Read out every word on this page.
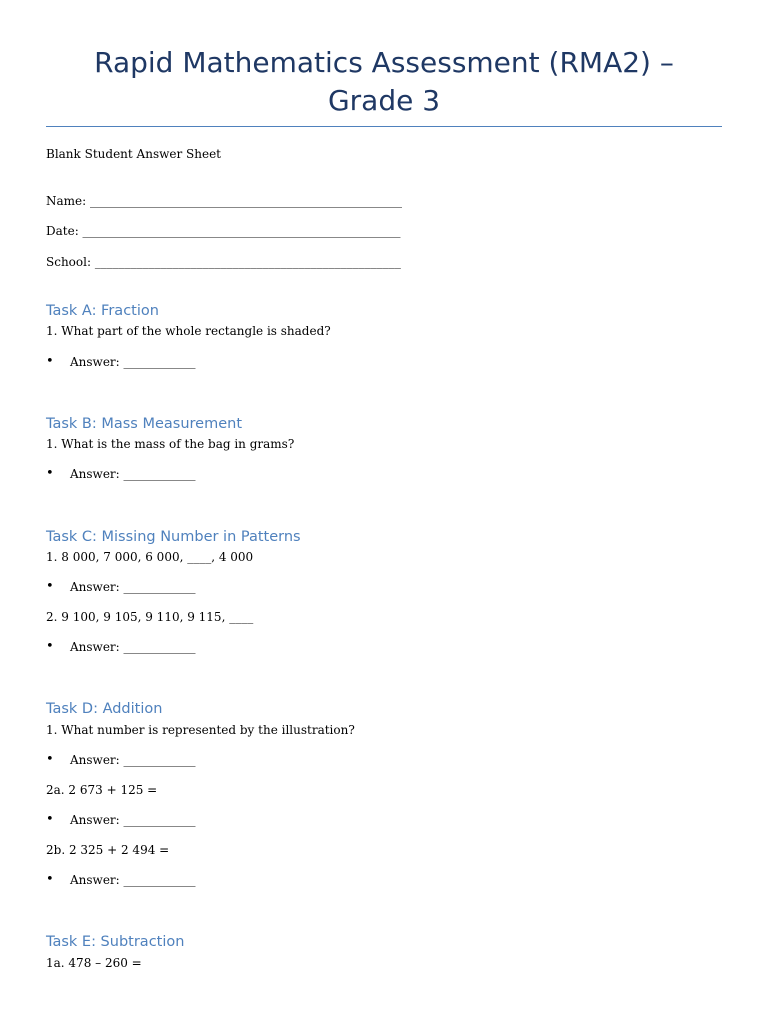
Rapid Mathematics Assessment (RMA2) –
Grade 3
Blank Student Answer Sheet
Name: ____________________________________________________
Date: _____________________________________________________
School: ___________________________________________________
Task A: Fraction
1. What part of the whole rectangle is shaded?
• Answer: ____________
Task B: Mass Measurement
1. What is the mass of the bag in grams?
• Answer: ____________
Task C: Missing Number in Patterns
1. 8 000, 7 000, 6 000, ____, 4 000
• Answer: ____________
2. 9 100, 9 105, 9 110, 9 115, ____
• Answer: ____________
Task D: Addition
1. What number is represented by the illustration?
• Answer: ____________
2a. 2 673 + 125 =
• Answer: ____________
2b. 2 325 + 2 494 =
• Answer: ____________
Task E: Subtraction
1a. 478 – 260 =
